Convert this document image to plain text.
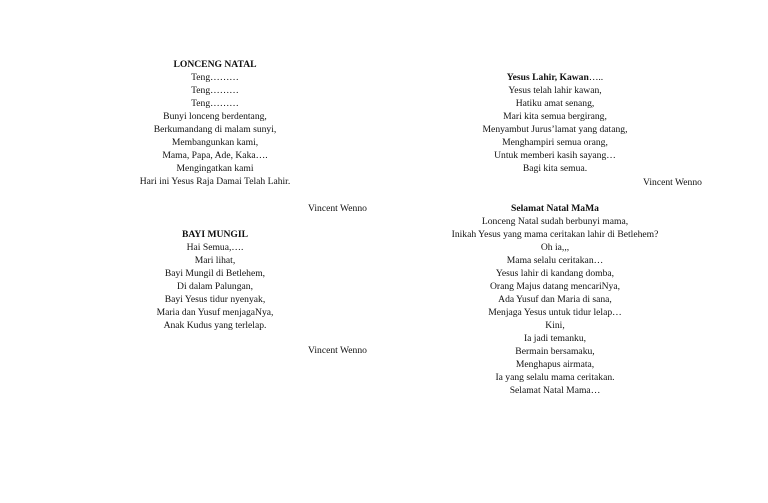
LONCENG NATAL
Teng………
Teng………
Teng………
Bunyi lonceng berdentang,
Berkumandang di malam sunyi,
Membangunkan kami,
Mama, Papa, Ade, Kaka….
Mengingatkan kami
Hari ini Yesus Raja Damai Telah Lahir.
Vincent Wenno
BAYI MUNGIL
Hai Semua,….
Mari lihat,
Bayi Mungil di Betlehem,
Di dalam Palungan,
Bayi Yesus tidur nyenyak,
Maria dan Yusuf menjagaNya,
Anak Kudus yang terlelap.
Vincent Wenno
Yesus Lahir, Kawan…..
Yesus telah lahir kawan,
Hatiku amat senang,
Mari kita semua bergirang,
Menyambut Jurus’lamat yang datang,
Menghampiri semua orang,
Untuk memberi kasih sayang…
Bagi kita semua.
Vincent Wenno
Selamat Natal MaMa
Lonceng Natal sudah berbunyi mama,
Inikah Yesus yang mama ceritakan lahir di Betlehem?
Oh ia,,,
Mama selalu ceritakan…
Yesus lahir di kandang domba,
Orang Majus datang mencariNya,
Ada Yusuf dan Maria di sana,
Menjaga Yesus untuk tidur lelap…
Kini,
Ia jadi temanku,
Bermain bersamaku,
Menghapus airmata,
Ia yang selalu mama ceritakan.
Selamat Natal Mama…
